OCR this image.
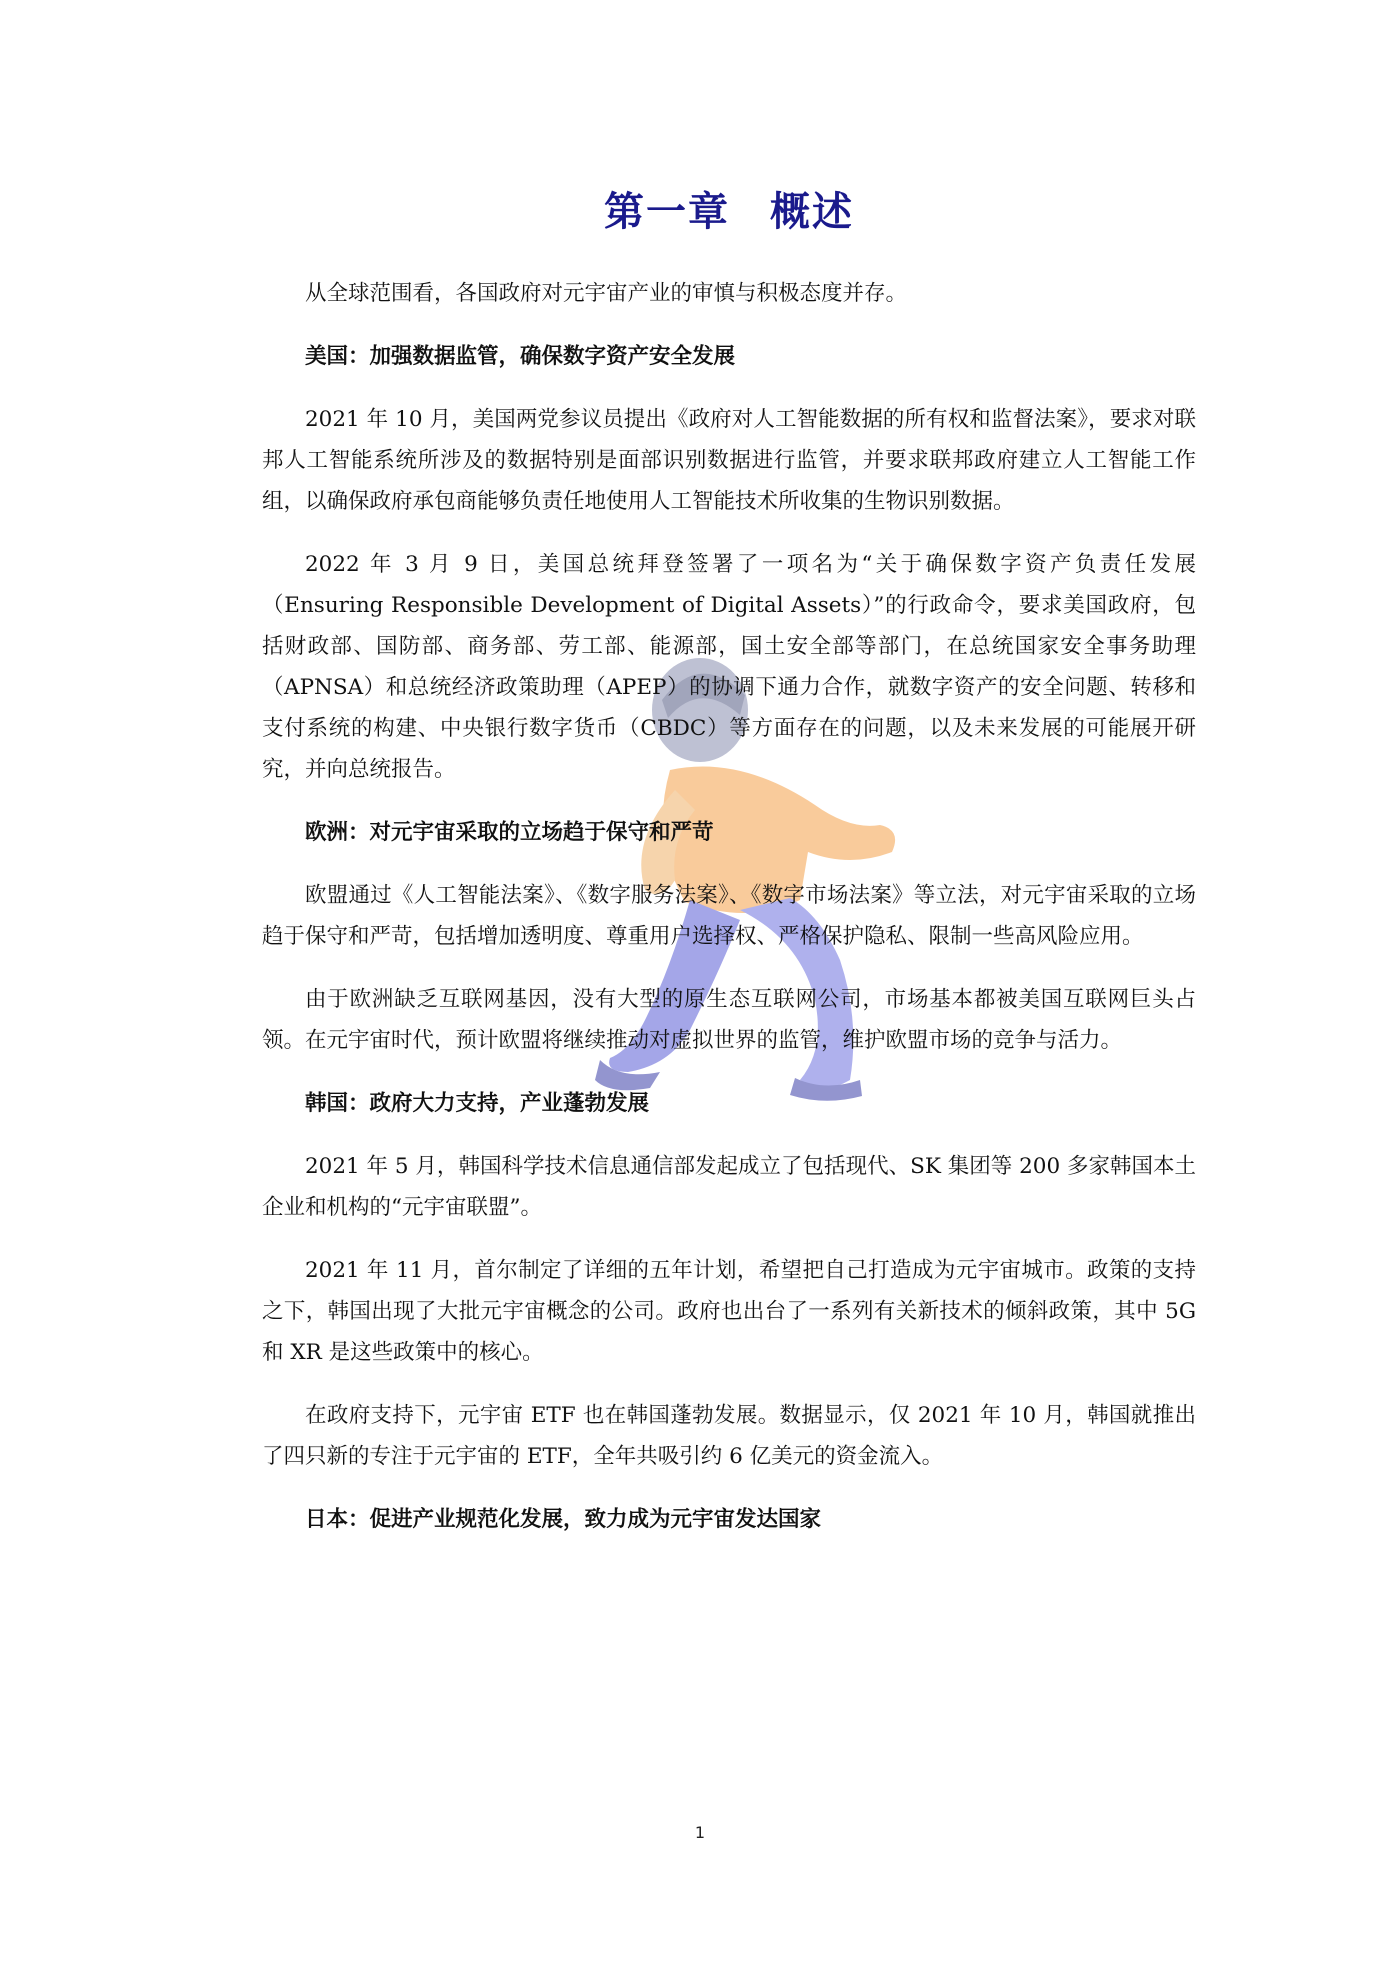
第一章 概述

从全球范围看，各国政府对元宇宙产业的审慎与积极态度并存。

美国：加强数据监管，确保数字资产安全发展

2021 年 10 月，美国两党参议员提出《政府对人工智能数据的所有权和监督法案》，要求对联邦人工智能系统所涉及的数据特别是面部识别数据进行监管，并要求联邦政府建立人工智能工作组，以确保政府承包商能够负责任地使用人工智能技术所收集的生物识别数据。

2022 年 3 月 9 日，美国总统拜登签署了一项名为“关于确保数字资产负责任发展（Ensuring Responsible Development of Digital Assets）”的行政命令，要求美国政府，包括财政部、国防部、商务部、劳工部、能源部，国土安全部等部门，在总统国家安全事务助理（APNSA）和总统经济政策助理（APEP）的协调下通力合作，就数字资产的安全问题、转移和支付系统的构建、中央银行数字货币（CBDC）等方面存在的问题，以及未来发展的可能展开研究，并向总统报告。

欧洲：对元宇宙采取的立场趋于保守和严苛

欧盟通过《人工智能法案》、《数字服务法案》、《数字市场法案》等立法，对元宇宙采取的立场趋于保守和严苛，包括增加透明度、尊重用户选择权、严格保护隐私、限制一些高风险应用。

由于欧洲缺乏互联网基因，没有大型的原生态互联网公司，市场基本都被美国互联网巨头占领。在元宇宙时代，预计欧盟将继续推动对虚拟世界的监管，维护欧盟市场的竞争与活力。

韩国：政府大力支持，产业蓬勃发展

2021 年 5 月，韩国科学技术信息通信部发起成立了包括现代、SK 集团等 200 多家韩国本土企业和机构的“元宇宙联盟”。

2021 年 11 月，首尔制定了详细的五年计划，希望把自己打造成为元宇宙城市。政策的支持之下，韩国出现了大批元宇宙概念的公司。政府也出台了一系列有关新技术的倾斜政策，其中 5G 和 XR 是这些政策中的核心。

在政府支持下，元宇宙 ETF 也在韩国蓬勃发展。数据显示，仅 2021 年 10 月，韩国就推出了四只新的专注于元宇宙的 ETF，全年共吸引约 6 亿美元的资金流入。

日本：促进产业规范化发展，致力成为元宇宙发达国家
1
